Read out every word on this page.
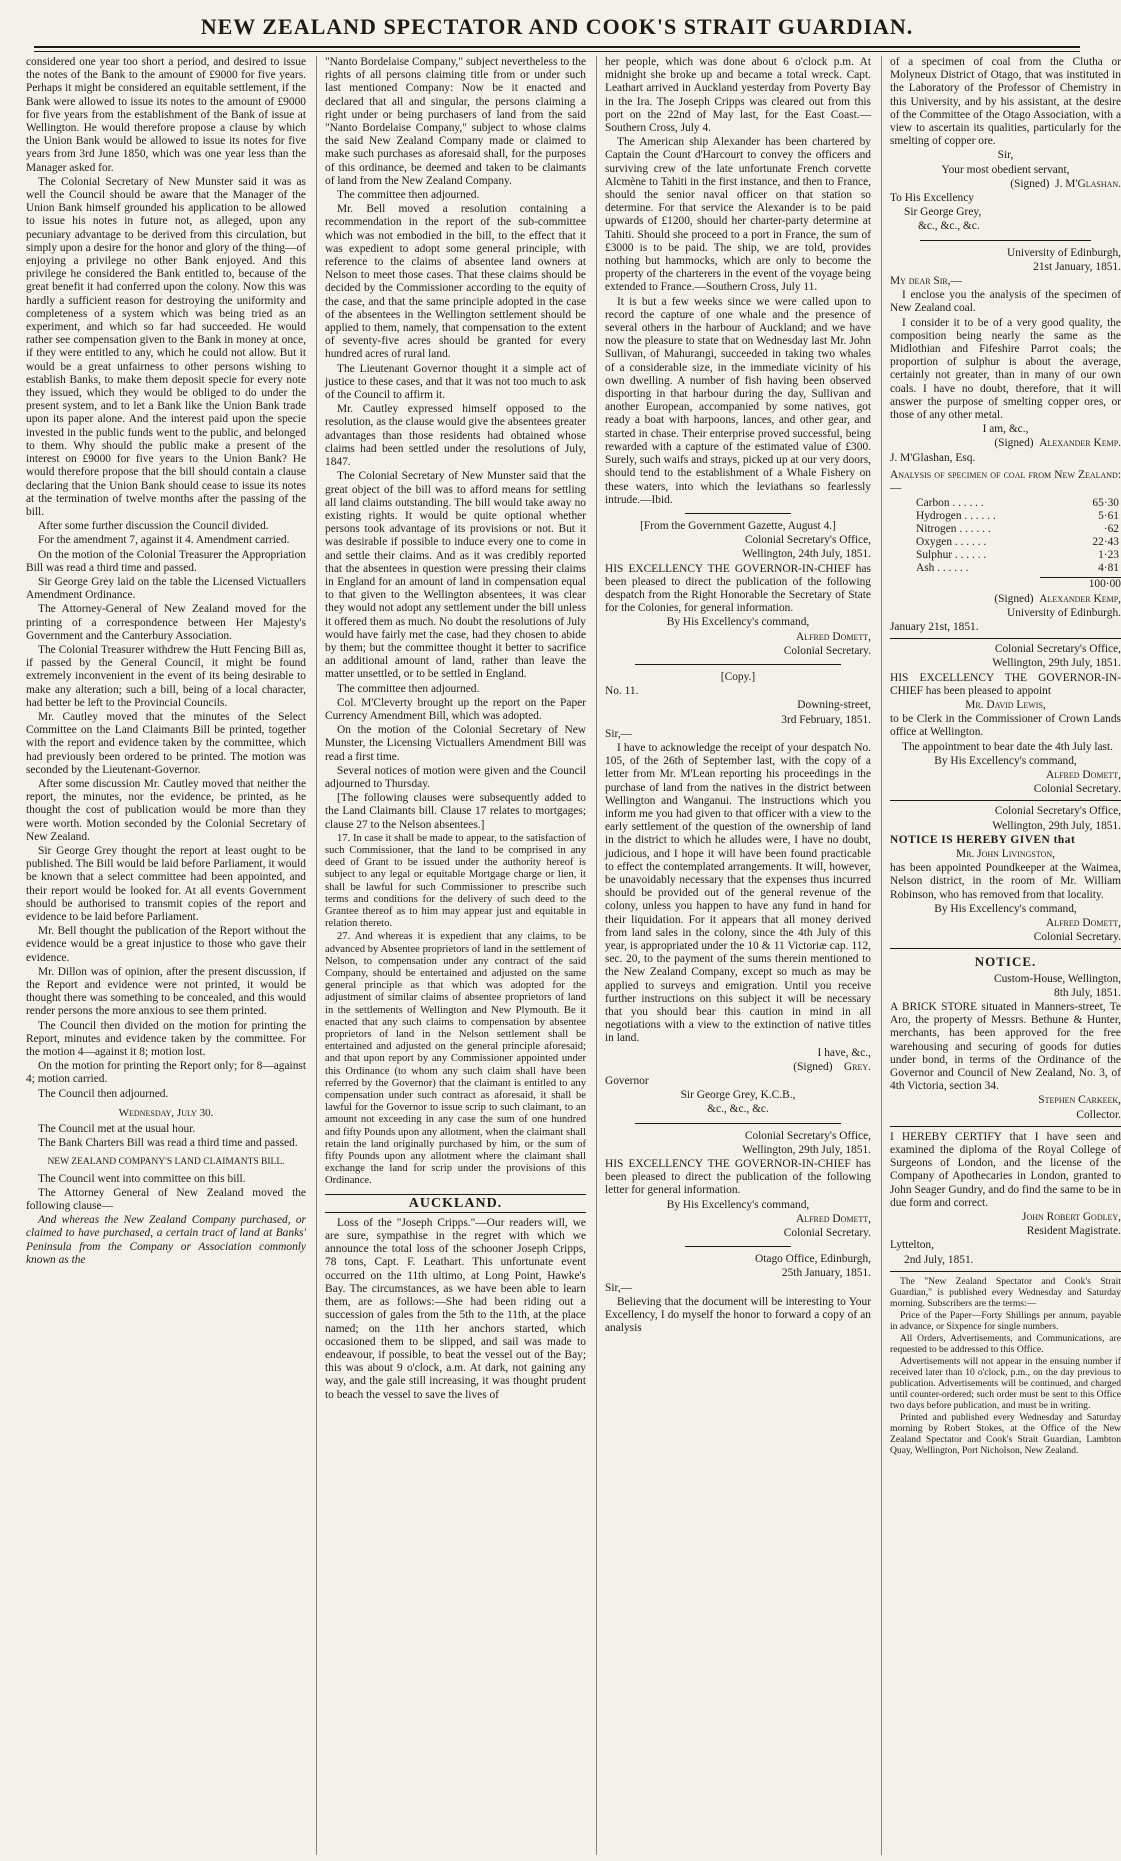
NEW ZEALAND SPECTATOR AND COOK'S STRAIT GUARDIAN.

considered one year too short a period, and desired to issue the notes of the Bank to the amount of £9000 for five years. Perhaps it might be considered an equitable settlement, if the Bank were allowed to issue its notes to the amount of £9000 for five years from the establishment of the Bank of issue at Wellington. He would therefore propose a clause by which the Union Bank would be allowed to issue its notes for five years from 3rd June 1850, which was one year less than the Manager asked for.

The Colonial Secretary of New Munster said it was as well the Council should be aware that the Manager of the Union Bank himself grounded his application to be allowed to issue his notes in future not, as alleged, upon any pecuniary advantage to be derived from this circulation, but simply upon a desire for the honor and glory of the thing—of enjoying a privilege no other Bank enjoyed. And this privilege he considered the Bank entitled to, because of the great benefit it had conferred upon the colony. Now this was hardly a sufficient reason for destroying the uniformity and completeness of a system which was being tried as an experiment, and which so far had succeeded. He would rather see compensation given to the Bank in money at once, if they were entitled to any, which he could not allow. But it would be a great unfairness to other persons wishing to establish Banks, to make them deposit specie for every note they issued, which they would be obliged to do under the present system, and to let a Bank like the Union Bank trade upon its paper alone. And the interest paid upon the specie invested in the public funds went to the public, and belonged to them. Why should the public make a present of the interest on £9000 for five years to the Union Bank? He would therefore propose that the bill should contain a clause declaring that the Union Bank should cease to issue its notes at the termination of twelve months after the passing of the bill.

After some further discussion the Council divided.

For the amendment 7, against it 4. Amendment carried.

On the motion of the Colonial Treasurer the Appropriation Bill was read a third time and passed.

Sir George Grey laid on the table the Licensed Victuallers Amendment Ordinance.

The Attorney-General of New Zealand moved for the printing of a correspondence between Her Majesty's Government and the Canterbury Association.

The Colonial Treasurer withdrew the Hutt Fencing Bill as, if passed by the General Council, it might be found extremely inconvenient in the event of its being desirable to make any alteration; such a bill, being of a local character, had better be left to the Provincial Councils.

Mr. Cautley moved that the minutes of the Select Committee on the Land Claimants Bill be printed, together with the report and evidence taken by the committee, which had previously been ordered to be printed. The motion was seconded by the Lieutenant-Governor.

After some discussion Mr. Cautley moved that neither the report, the minutes, nor the evidence, be printed, as he thought the cost of publication would be more than they were worth. Motion seconded by the Colonial Secretary of New Zealand.

Sir George Grey thought the report at least ought to be published. The Bill would be laid before Parliament, it would be known that a select committee had been appointed, and their report would be looked for. At all events Government should be authorised to transmit copies of the report and evidence to be laid before Parliament.

Mr. Bell thought the publication of the Report without the evidence would be a great injustice to those who gave their evidence.

Mr. Dillon was of opinion, after the present discussion, if the Report and evidence were not printed, it would be thought there was something to be concealed, and this would render persons the more anxious to see them printed.

The Council then divided on the motion for printing the Report, minutes and evidence taken by the committee. For the motion 4—against it 8; motion lost.

On the motion for printing the Report only; for 8—against 4; motion carried.

The Council then adjourned.

Wednesday, July 30.

The Council met at the usual hour.

The Bank Charters Bill was read a third time and passed.

NEW ZEALAND COMPANY'S LAND CLAIMANTS BILL.

The Council went into committee on this bill.

The Attorney General of New Zealand moved the following clause—

And whereas the New Zealand Company purchased, or claimed to have purchased, a certain tract of land at Banks' Peninsula from the Company or Association commonly known as the

"Nanto Bordelaise Company," subject nevertheless to the rights of all persons claiming title from or under such last mentioned Company: Now be it enacted and declared that all and singular, the persons claiming a right under or being purchasers of land from the said "Nanto Bordelaise Company," subject to whose claims the said New Zealand Company made or claimed to make such purchases as aforesaid shall, for the purposes of this ordinance, be deemed and taken to be claimants of land from the New Zealand Company.

The committee then adjourned.

Mr. Bell moved a resolution containing a recommendation in the report of the sub-committee which was not embodied in the bill, to the effect that it was expedient to adopt some general principle, with reference to the claims of absentee land owners at Nelson to meet those cases. That these claims should be decided by the Commissioner according to the equity of the case, and that the same principle adopted in the case of the absentees in the Wellington settlement should be applied to them, namely, that compensation to the extent of seventy-five acres should be granted for every hundred acres of rural land.

The Lieutenant Governor thought it a simple act of justice to these cases, and that it was not too much to ask of the Council to affirm it.

Mr. Cautley expressed himself opposed to the resolution, as the clause would give the absentees greater advantages than those residents had obtained whose claims had been settled under the resolutions of July, 1847.

The Colonial Secretary of New Munster said that the great object of the bill was to afford means for settling all land claims outstanding. The bill would take away no existing rights. It would be quite optional whether persons took advantage of its provisions or not. But it was desirable if possible to induce every one to come in and settle their claims. And as it was credibly reported that the absentees in question were pressing their claims in England for an amount of land in compensation equal to that given to the Wellington absentees, it was clear they would not adopt any settlement under the bill unless it offered them as much. No doubt the resolutions of July would have fairly met the case, had they chosen to abide by them; but the committee thought it better to sacrifice an additional amount of land, rather than leave the matter unsettled, or to be settled in England.

The committee then adjourned.

Col. M'Cleverty brought up the report on the Paper Currency Amendment Bill, which was adopted.

On the motion of the Colonial Secretary of New Munster, the Licensing Victuallers Amendment Bill was read a first time.

Several notices of motion were given and the Council adjourned to Thursday.

[The following clauses were subsequently added to the Land Claimants bill. Clause 17 relates to mortgages; clause 27 to the Nelson absentees.]

17. In case it shall be made to appear, to the satisfaction of such Commissioner, that the land to be comprised in any deed of Grant to be issued under the authority hereof is subject to any legal or equitable Mortgage charge or lien, it shall be lawful for such Commissioner to prescribe such terms and conditions for the delivery of such deed to the Grantee thereof as to him may appear just and equitable in relation thereto.

27. And whereas it is expedient that any claims, to be advanced by Absentee proprietors of land in the settlement of Nelson, to compensation under any contract of the said Company, should be entertained and adjusted on the same general principle as that which was adopted for the adjustment of similar claims of absentee proprietors of land in the settlements of Wellington and New Plymouth. Be it enacted that any such claims to compensation by absentee proprietors of land in the Nelson settlement shall be entertained and adjusted on the general principle aforesaid; and that upon report by any Commissioner appointed under this Ordinance (to whom any such claim shall have been referred by the Governor) that the claimant is entitled to any compensation under such contract as aforesaid, it shall be lawful for the Governor to issue scrip to such claimant, to an amount not exceeding in any case the sum of one hundred and fifty Pounds upon any allotment, when the claimant shall retain the land originally purchased by him, or the sum of fifty Pounds upon any allotment where the claimant shall exchange the land for scrip under the provisions of this Ordinance.

AUCKLAND.

Loss of the "Joseph Cripps."—Our readers will, we are sure, sympathise in the regret with which we announce the total loss of the schooner Joseph Cripps, 78 tons, Capt. F. Leathart. This unfortunate event occurred on the 11th ultimo, at Long Point, Hawke's Bay. The circumstances, as we have been able to learn them, are as follows:—She had been riding out a succession of gales from the 5th to the 11th, at the place named; on the 11th her anchors started, which occasioned them to be slipped, and sail was made to endeavour, if possible, to beat the vessel out of the Bay; this was about 9 o'clock, a.m. At dark, not gaining any way, and the gale still increasing, it was thought prudent to beach the vessel to save the lives of

her people, which was done about 6 o'clock p.m. At midnight she broke up and became a total wreck. Capt. Leathart arrived in Auckland yesterday from Poverty Bay in the Ira. The Joseph Cripps was cleared out from this port on the 22nd of May last, for the East Coast.—Southern Cross, July 4.

The American ship Alexander has been chartered by Captain the Count d'Harcourt to convey the officers and surviving crew of the late unfortunate French corvette Alcmène to Tahiti in the first instance, and then to France, should the senior naval officer on that station so determine. For that service the Alexander is to be paid upwards of £1200, should her charter-party determine at Tahiti. Should she proceed to a port in France, the sum of £3000 is to be paid. The ship, we are told, provides nothing but hammocks, which are only to become the property of the charterers in the event of the voyage being extended to France.—Southern Cross, July 11.

It is but a few weeks since we were called upon to record the capture of one whale and the presence of several others in the harbour of Auckland; and we have now the pleasure to state that on Wednesday last Mr. John Sullivan, of Mahurangi, succeeded in taking two whales of a considerable size, in the immediate vicinity of his own dwelling. A number of fish having been observed disporting in that harbour during the day, Sullivan and another European, accompanied by some natives, got ready a boat with harpoons, lances, and other gear, and started in chase. Their enterprise proved successful, being rewarded with a capture of the estimated value of £300. Surely, such waifs and strays, picked up at our very doors, should tend to the establishment of a Whale Fishery on these waters, into which the leviathans so fearlessly intrude.—Ibid.

[From the Government Gazette, August 4.]

Colonial Secretary's Office,

Wellington, 24th July, 1851.

HIS EXCELLENCY THE GOVERNOR-IN-CHIEF has been pleased to direct the publication of the following despatch from the Right Honorable the Secretary of State for the Colonies, for general information.

By His Excellency's command,

Alfred Domett,

Colonial Secretary.

[Copy.]

No. 11.

Downing-street,

3rd February, 1851.

Sir,—

I have to acknowledge the receipt of your despatch No. 105, of the 26th of September last, with the copy of a letter from Mr. M'Lean reporting his proceedings in the purchase of land from the natives in the district between Wellington and Wanganui. The instructions which you inform me you had given to that officer with a view to the early settlement of the question of the ownership of land in the district to which he alludes were, I have no doubt, judicious, and I hope it will have been found practicable to effect the contemplated arrangements. It will, however, be unavoidably necessary that the expenses thus incurred should be provided out of the general revenue of the colony, unless you happen to have any fund in hand for their liquidation. For it appears that all money derived from land sales in the colony, since the 4th July of this year, is appropriated under the 10 & 11 Victoriæ cap. 112, sec. 20, to the payment of the sums therein mentioned to the New Zealand Company, except so much as may be applied to surveys and emigration. Until you receive further instructions on this subject it will be necessary that you should bear this caution in mind in all negotiations with a view to the extinction of native titles in land.

I have, &c.,

(Signed) Grey.

Governor

Sir George Grey, K.C.B.,

&c., &c., &c.

Colonial Secretary's Office,

Wellington, 29th July, 1851.

HIS EXCELLENCY THE GOVERNOR-IN-CHIEF has been pleased to direct the publication of the following letter for general information.

By His Excellency's command,

Alfred Domett,

Colonial Secretary.

Otago Office, Edinburgh,

25th January, 1851.

Sir,—

Believing that the document will be interesting to Your Excellency, I do myself the honor to forward a copy of an analysis

of a specimen of coal from the Clutha or Molyneux District of Otago, that was instituted in the Laboratory of the Professor of Chemistry in this University, and by his assistant, at the desire of the Committee of the Otago Association, with a view to ascertain its qualities, particularly for the smelting of copper ore.

Sir,

Your most obedient servant,

(Signed) J. M'Glashan.

To His Excellency

Sir George Grey,

&c., &c., &c.

University of Edinburgh,

21st January, 1851.

My dear Sir,—

I enclose you the analysis of the specimen of New Zealand coal.

I consider it to be of a very good quality, the composition being nearly the same as the Midlothian and Fifeshire Parrot coals; the proportion of sulphur is about the average, certainly not greater, than in many of our own coals. I have no doubt, therefore, that it will answer the purpose of smelting copper ores, or those of any other metal.

I am, &c.,

(Signed) Alexander Kemp.

J. M'Glashan, Esq.

Analysis of specimen of coal from New Zealand:—

Carbon . . . . . .	65·30
Hydrogen . . . . . .	5·61
Nitrogen . . . . . .	·62
Oxygen . . . . . .	22·43
Sulphur . . . . . .	1·23
Ash . . . . . .	4·81

100·00

(Signed) Alexander Kemp,

University of Edinburgh.

January 21st, 1851.

Colonial Secretary's Office,

Wellington, 29th July, 1851.

HIS EXCELLENCY THE GOVERNOR-IN-CHIEF has been pleased to appoint

Mr. David Lewis,

to be Clerk in the Commissioner of Crown Lands office at Wellington.

The appointment to bear date the 4th July last.

By His Excellency's command,

Alfred Domett,

Colonial Secretary.

Colonial Secretary's Office,

Wellington, 29th July, 1851.

NOTICE IS HEREBY GIVEN that

Mr. John Livingston,

has been appointed Poundkeeper at the Waimea, Nelson district, in the room of Mr. William Robinson, who has removed from that locality.

By His Excellency's command,

Alfred Domett,

Colonial Secretary.

NOTICE.

Custom-House, Wellington,

8th July, 1851.

A BRICK STORE situated in Manners-street, Te Aro, the property of Messrs. Bethune & Hunter, merchants, has been approved for the free warehousing and securing of goods for duties under bond, in terms of the Ordinance of the Governor and Council of New Zealand, No. 3, of 4th Victoria, section 34.

Stephen Carkeek,

Collector.

I HEREBY CERTIFY that I have seen and examined the diploma of the Royal College of Surgeons of London, and the license of the Company of Apothecaries in London, granted to John Seager Gundry, and do find the same to be in due form and correct.

John Robert Godley,

Resident Magistrate.

Lyttelton,

2nd July, 1851.

The "New Zealand Spectator and Cook's Strait Guardian," is published every Wednesday and Saturday morning. Subscribers are the terms:—

Price of the Paper—Forty Shillings per annum, payable in advance, or Sixpence for single numbers.

All Orders, Advertisements, and Communications, are requested to be addressed to this Office.

Advertisements will not appear in the ensuing number if received later than 10 o'clock, p.m., on the day previous to publication. Advertisements will be continued, and charged until counter-ordered; such order must be sent to this Office two days before publication, and must be in writing.

Printed and published every Wednesday and Saturday morning by Robert Stokes, at the Office of the New Zealand Spectator and Cook's Strait Guardian, Lambton Quay, Wellington, Port Nicholson, New Zealand.
